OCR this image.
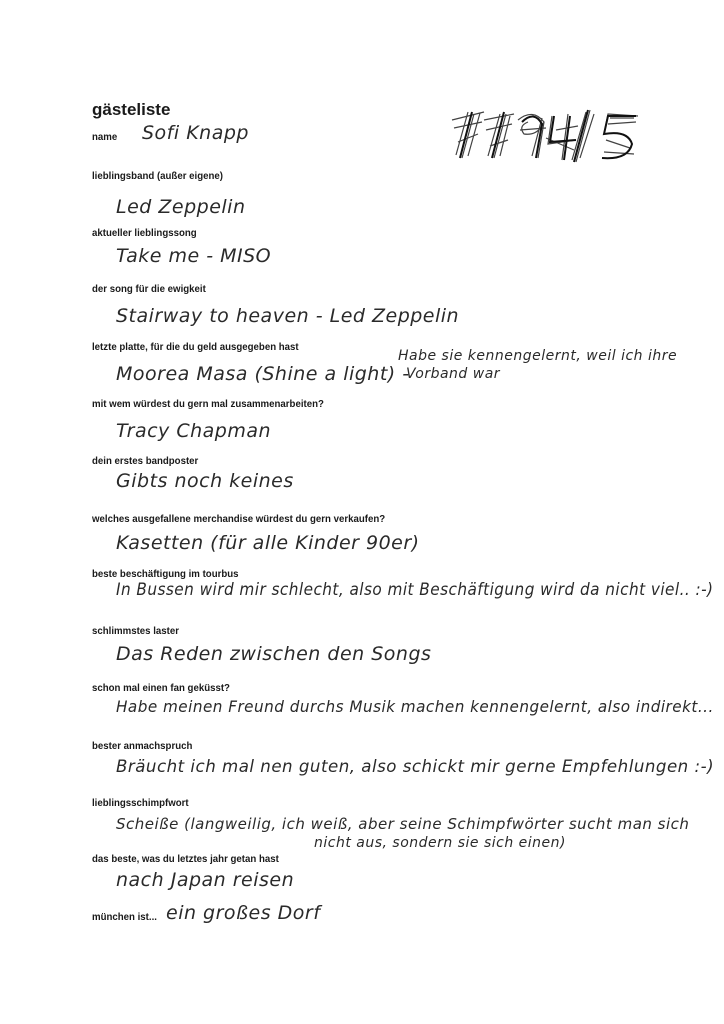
gästeliste
name Sofi Knapp
lieblingsband (außer eigene)
Led Zeppelin
aktueller lieblingssong
Take me - MISO
der song für die ewigkeit
Stairway to heaven - Led Zeppelin
letzte platte, für die du geld ausgegeben hast
Moorea Masa (Shine a light) -
Habe sie kennengelernt, weil ich ihre
Vorband war
mit wem würdest du gern mal zusammenarbeiten?
Tracy Chapman
dein erstes bandposter
Gibts noch keines
welches ausgefallene merchandise würdest du gern verkaufen?
Kasetten (für alle Kinder 90er)
beste beschäftigung im tourbus
In Bussen wird mir schlecht, also mit Beschäftigung wird da nicht viel.. :-)
schlimmstes laster
Das Reden zwischen den Songs
schon mal einen fan geküsst?
Habe meinen Freund durchs Musik machen kennengelernt, also indirekt...
bester anmachspruch
Bräucht ich mal nen guten, also schickt mir gerne Empfehlungen :-)
lieblingsschimpfwort
Scheiße (langweilig, ich weiß, aber seine Schimpfwörter sucht man sich
nicht aus, sondern sie sich einen)
das beste, was du letztes jahr getan hast
nach Japan reisen
münchen ist... ein großes Dorf
